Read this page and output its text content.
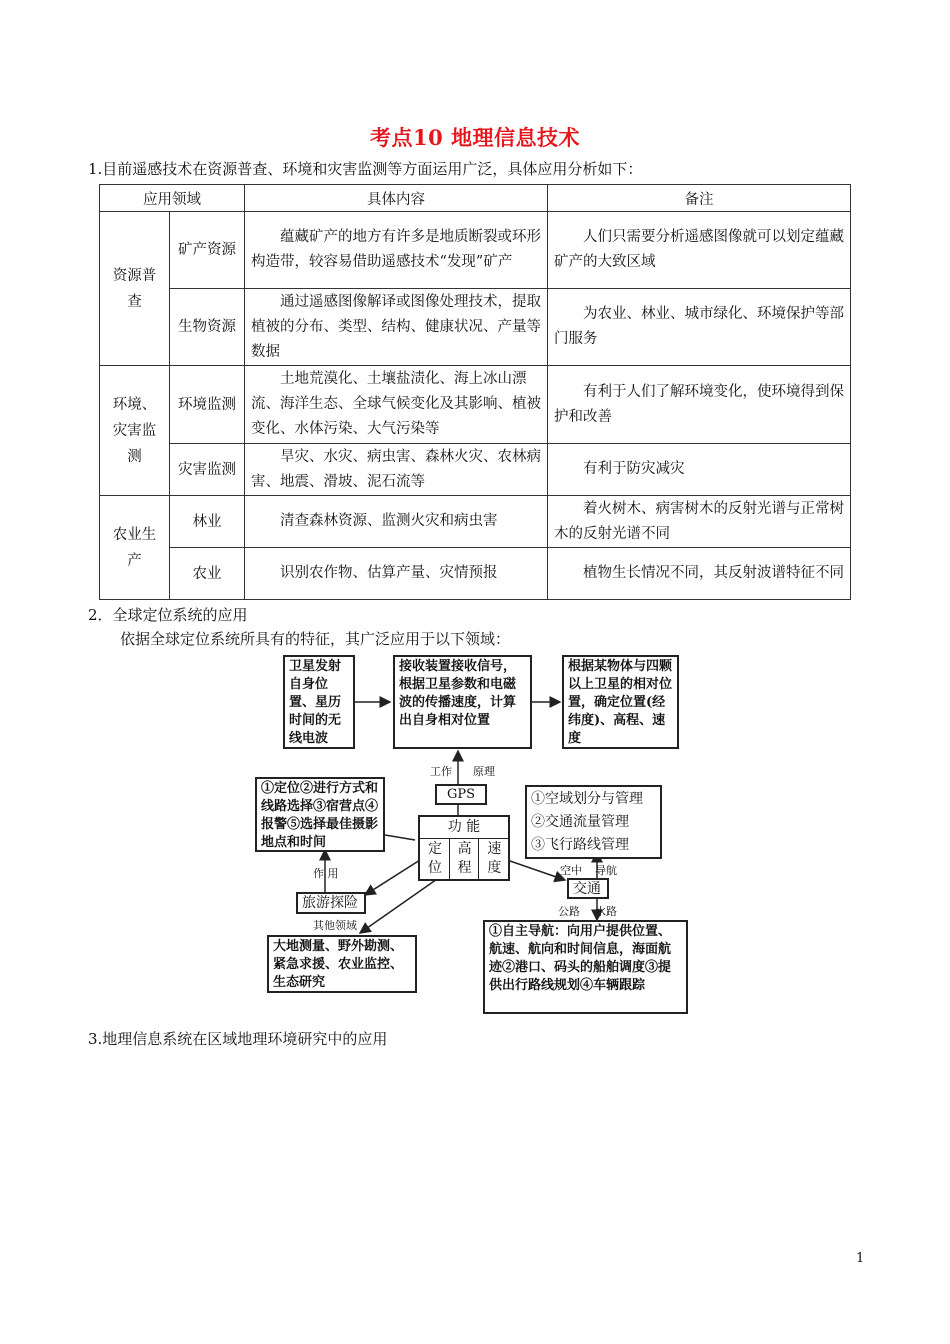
考点10 地理信息技术
1.目前遥感技术在资源普查、环境和灾害监测等方面运用广泛，具体应用分析如下：
应用领域		具体内容	备注
资源普查	矿产资源	蕴藏矿产的地方有许多是地质断裂或环形构造带，较容易借助遥感技术“发现”矿产	人们只需要分析遥感图像就可以划定蕴藏矿产的大致区域
	生物资源	通过遥感图像解译或图像处理技术，提取植被的分布、类型、结构、健康状况、产量等数据	为农业、林业、城市绿化、环境保护等部门服务
环境、灾害监测	环境监测	土地荒漠化、土壤盐渍化、海上冰山漂流、海洋生态、全球气候变化及其影响、植被变化、水体污染、大气污染等	有利于人们了解环境变化，使环境得到保护和改善
	灾害监测	旱灾、水灾、病虫害、森林火灾、农林病害、地震、滑坡、泥石流等	有利于防灾减灾
农业生产	林业	清查森林资源、监测火灾和病虫害	着火树木、病害树木的反射光谱与正常树木的反射光谱不同
	农业	识别农作物、估算产量、灾情预报	植物生长情况不同，其反射波谱特征不同
2．全球定位系统的应用
依据全球定位系统所具有的特征，其广泛应用于以下领域：
卫星发射自身位置、星历时间的无线电波
接收装置接收信号，根据卫星参数和电磁波的传播速度，计算出自身相对位置
根据某物体与四颗以上卫星的相对位置，确定位置(经纬度)、高程、速度
工作 原理
GPS
①定位②进行方式和线路选择③宿营点④报警⑤选择最佳摄影地点和时间
①空域划分与管理
②交通流量管理
③飞行路线管理
功 能
定位
高程
速度
作 用
旅游探险
其他领域
大地测量、野外勘测、紧急求援、农业监控、生态研究
空中 导航
交通
公路 水路
①自主导航：向用户提供位置、航速、航向和时间信息，海面航迹②港口、码头的船舶调度③提供出行路线规划④车辆跟踪
3.地理信息系统在区域地理环境研究中的应用
1
